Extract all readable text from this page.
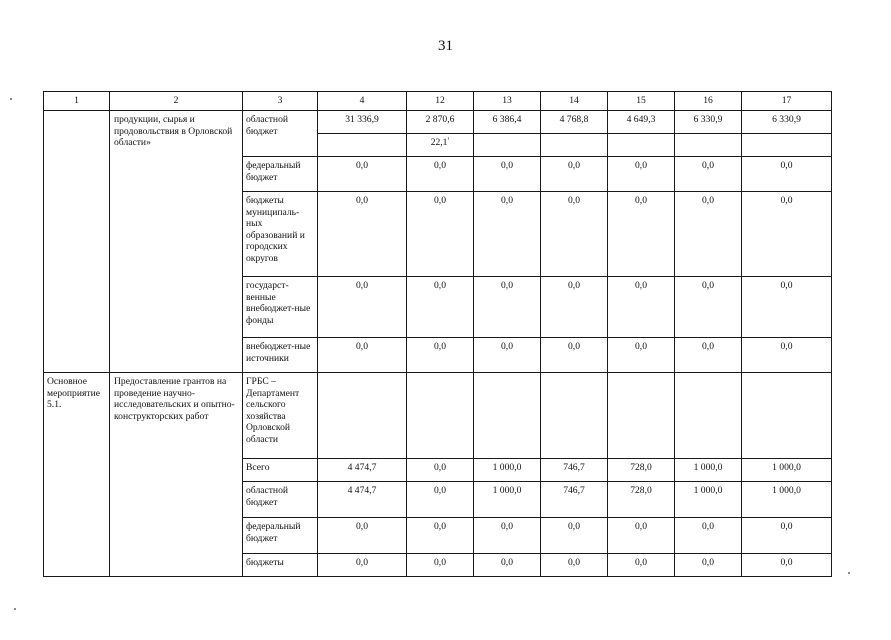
31
1	2	3	4	12	13	14	15	16	17
	продукции, сырья и продовольствия в Орловской области»	областной бюджет	31 336,9	2 870,6	6 386,4	4 768,8	4 649,3	6 330,9	6 330,9
				$22,1^{^1}$					
		федеральный бюджет	0,0	0,0	0,0	0,0	0,0	0,0	0,0
		бюджеты муниципаль-ных образований и городских округов	0,0	0,0	0,0	0,0	0,0	0,0	0,0
		государст-венные внебюджет-ные фонды	0,0	0,0	0,0	0,0	0,0	0,0	0,0
		внебюджет-ные источники	0,0	0,0	0,0	0,0	0,0	0,0	0,0

Основное мероприятие 5.1.	Предоставление грантов на проведение научно-исследовательских и опытно-конструкторских работ	ГРБС – Департамент сельского хозяйства Орловской области							
		Всего	4 474,7	0,0	1 000,0	746,7	728,0	1 000,0	1 000,0
		областной бюджет	4 474,7	0,0	1 000,0	746,7	728,0	1 000,0	1 000,0
		федеральный бюджет	0,0	0,0	0,0	0,0	0,0	0,0	0,0
		бюджеты	0,0	0,0	0,0	0,0	0,0	0,0	0,0
